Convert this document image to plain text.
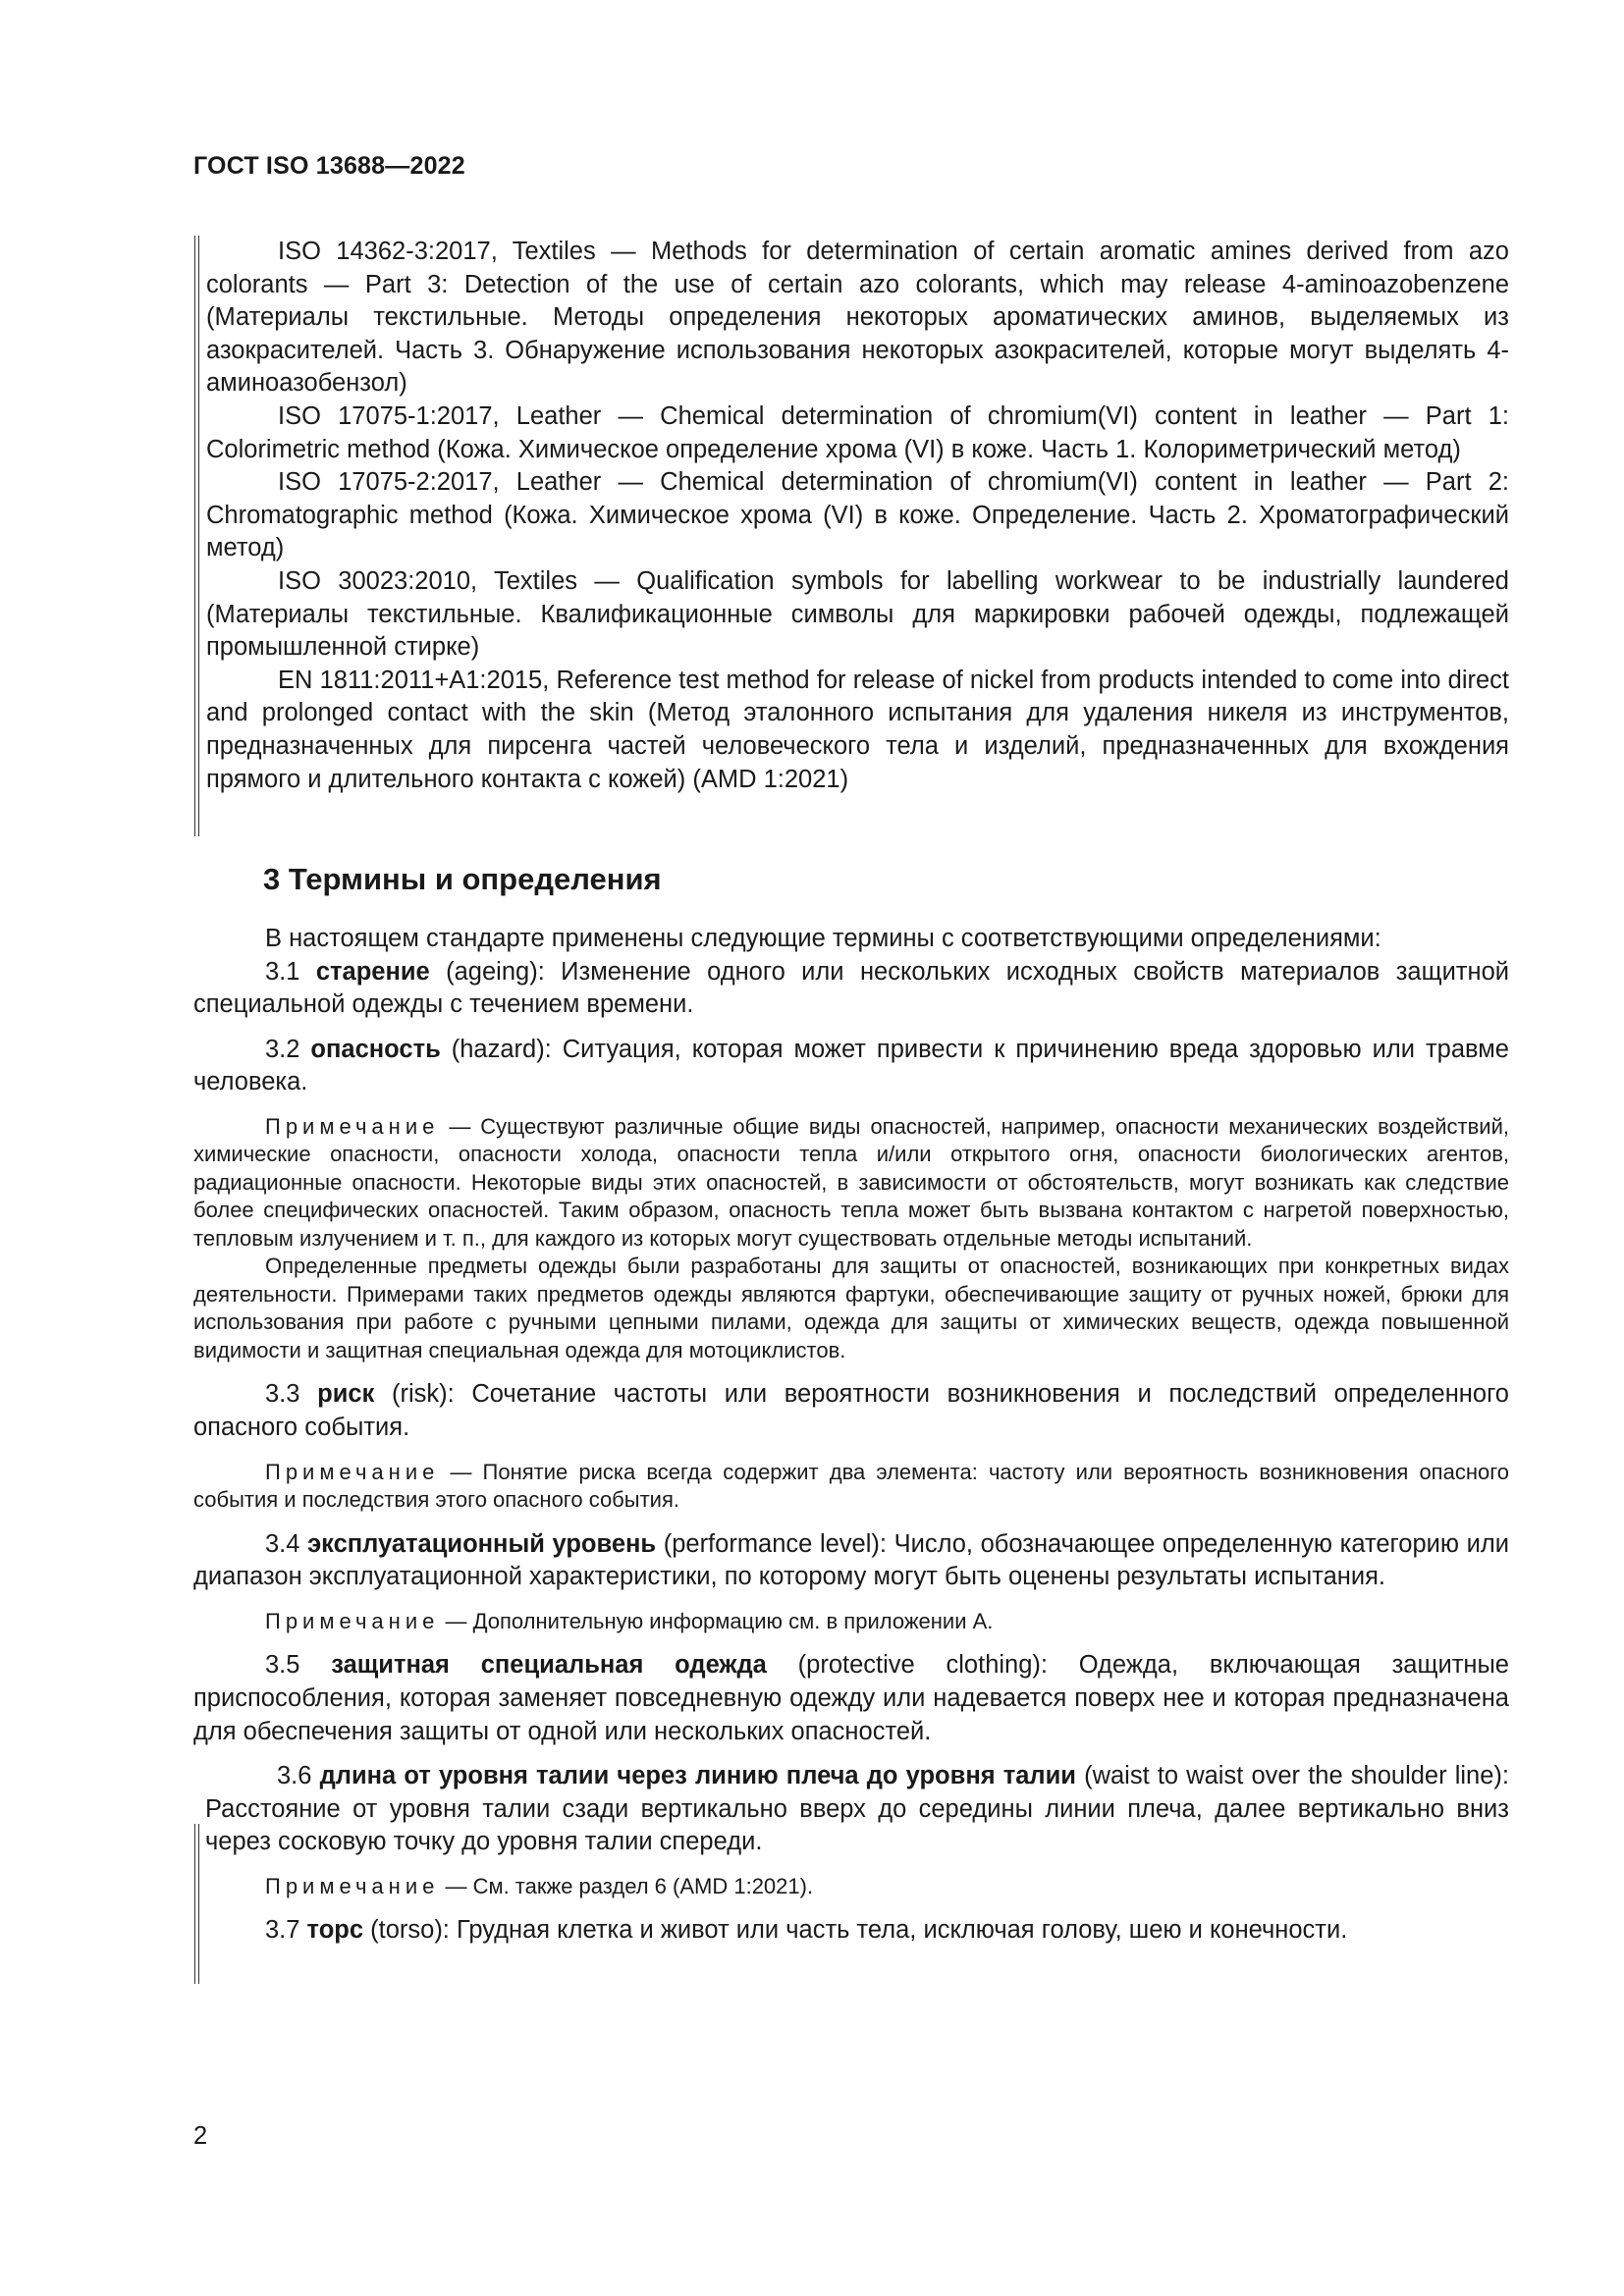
ГОСТ ISO 13688—2022

ISO 14362-3:2017, Textiles — Methods for determination of certain aromatic amines derived from azo colorants — Part 3: Detection of the use of certain azo colorants, which may release 4-aminoazobenzene (Материалы текстильные. Методы определения некоторых ароматических аминов, выделяемых из азокрасителей. Часть 3. Обнаружение использования некоторых азокрасителей, которые могут выделять 4-аминоазобензол)

ISO 17075-1:2017, Leather — Chemical determination of chromium(VI) content in leather — Part 1: Colorimetric method (Кожа. Химическое определение хрома (VI) в коже. Часть 1. Колориметрический метод)

ISO 17075-2:2017, Leather — Chemical determination of chromium(VI) content in leather — Part 2: Chromatographic method (Кожа. Химическое хрома (VI) в коже. Определение. Часть 2. Хроматографический метод)

ISO 30023:2010, Textiles — Qualification symbols for labelling workwear to be industrially laundered (Материалы текстильные. Квалификационные символы для маркировки рабочей одежды, подлежащей промышленной стирке)

EN 1811:2011+A1:2015, Reference test method for release of nickel from products intended to come into direct and prolonged contact with the skin (Метод эталонного испытания для удаления никеля из инструментов, предназначенных для пирсенга частей человеческого тела и изделий, предназначенных для вхождения прямого и длительного контакта с кожей) (AMD 1:2021)

3 Термины и определения

В настоящем стандарте применены следующие термины с соответствующими определениями:

3.1 старение (ageing): Изменение одного или нескольких исходных свойств материалов защитной специальной одежды с течением времени.

3.2 опасность (hazard): Ситуация, которая может привести к причинению вреда здоровью или травме человека.

Примечание — Существуют различные общие виды опасностей, например, опасности механических воздействий, химические опасности, опасности холода, опасности тепла и/или открытого огня, опасности биологических агентов, радиационные опасности. Некоторые виды этих опасностей, в зависимости от обстоятельств, могут возникать как следствие более специфических опасностей. Таким образом, опасность тепла может быть вызвана контактом с нагретой поверхностью, тепловым излучением и т. п., для каждого из которых могут существовать отдельные методы испытаний.

Определенные предметы одежды были разработаны для защиты от опасностей, возникающих при конкретных видах деятельности. Примерами таких предметов одежды являются фартуки, обеспечивающие защиту от ручных ножей, брюки для использования при работе с ручными цепными пилами, одежда для защиты от химических веществ, одежда повышенной видимости и защитная специальная одежда для мотоциклистов.

3.3 риск (risk): Сочетание частоты или вероятности возникновения и последствий определенного опасного события.

Примечание — Понятие риска всегда содержит два элемента: частоту или вероятность возникновения опасного события и последствия этого опасного события.

3.4 эксплуатационный уровень (performance level): Число, обозначающее определенную категорию или диапазон эксплуатационной характеристики, по которому могут быть оценены результаты испытания.

Примечание — Дополнительную информацию см. в приложении А.

3.5 защитная специальная одежда (protective clothing): Одежда, включающая защитные приспособления, которая заменяет повседневную одежду или надевается поверх нее и которая предназначена для обеспечения защиты от одной или нескольких опасностей.

3.6 длина от уровня талии через линию плеча до уровня талии (waist to waist over the shoulder line): Расстояние от уровня талии сзади вертикально вверх до середины линии плеча, далее вертикально вниз через сосковую точку до уровня талии спереди.

Примечание — См. также раздел 6 (AMD 1:2021).

3.7 торс (torso): Грудная клетка и живот или часть тела, исключая голову, шею и конечности.

2
